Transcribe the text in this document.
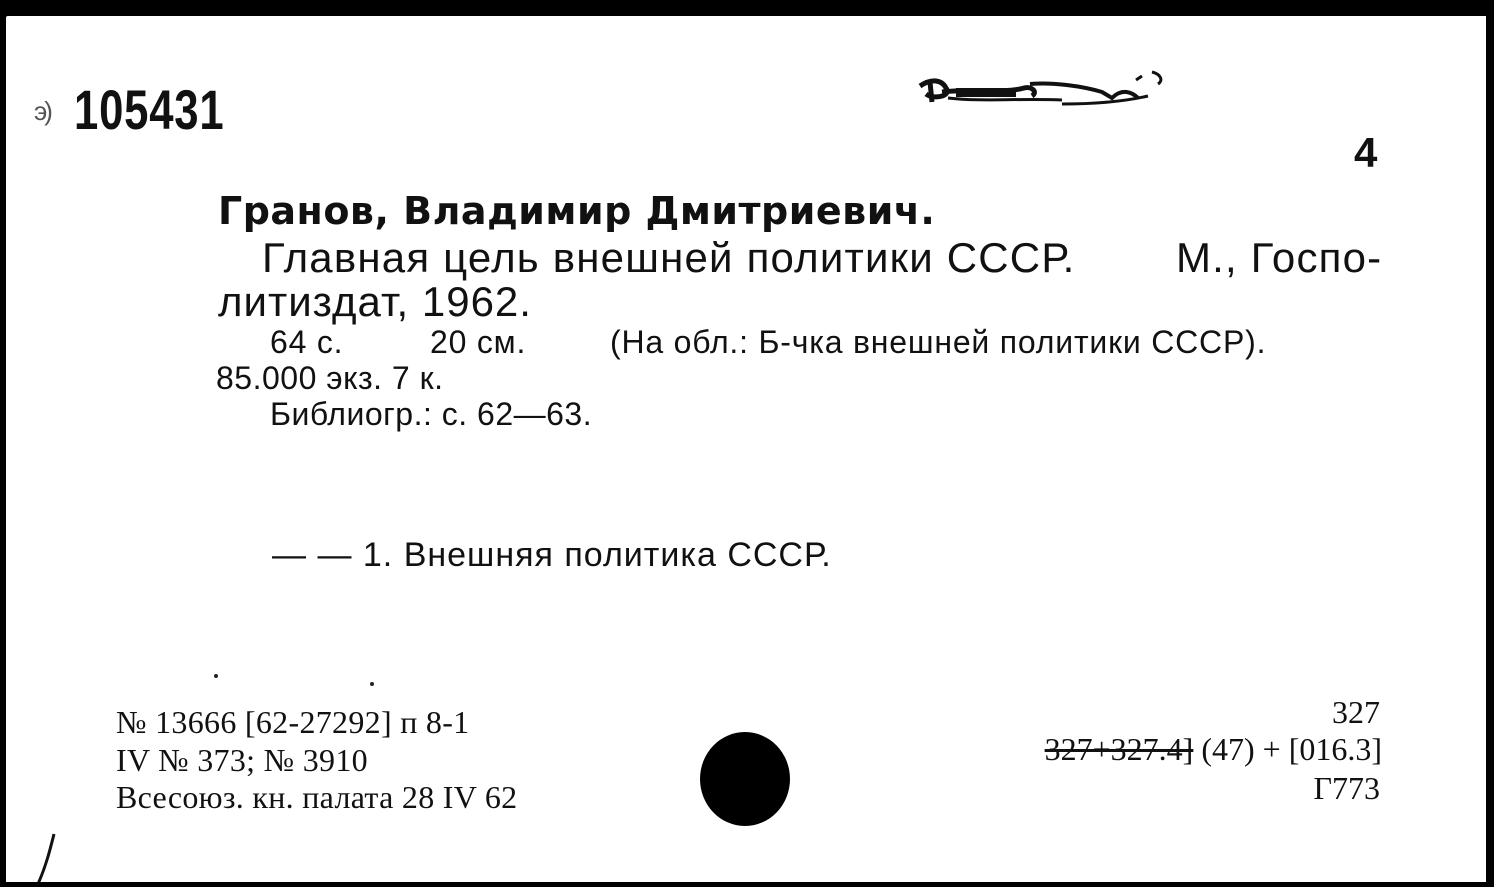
э) 105431
4
Гранов, Владимир Дмитриевич.
Главная цель внешней политики СССР. М., Госпо-
литиздат, 1962.
64 с.	20 см.	(На обл.: Б-чка внешней политики СССР).
85.000 экз. 7 к.
Библиогр.: с. 62—63.
— — 1. Внешняя политика СССР.
№ 13666 [62-27292] п 8-1
IV № 373; № 3910
Всесоюз. кн. палата 28 IV 62
327
327+327.4] (47) + [016.3]
Г773
